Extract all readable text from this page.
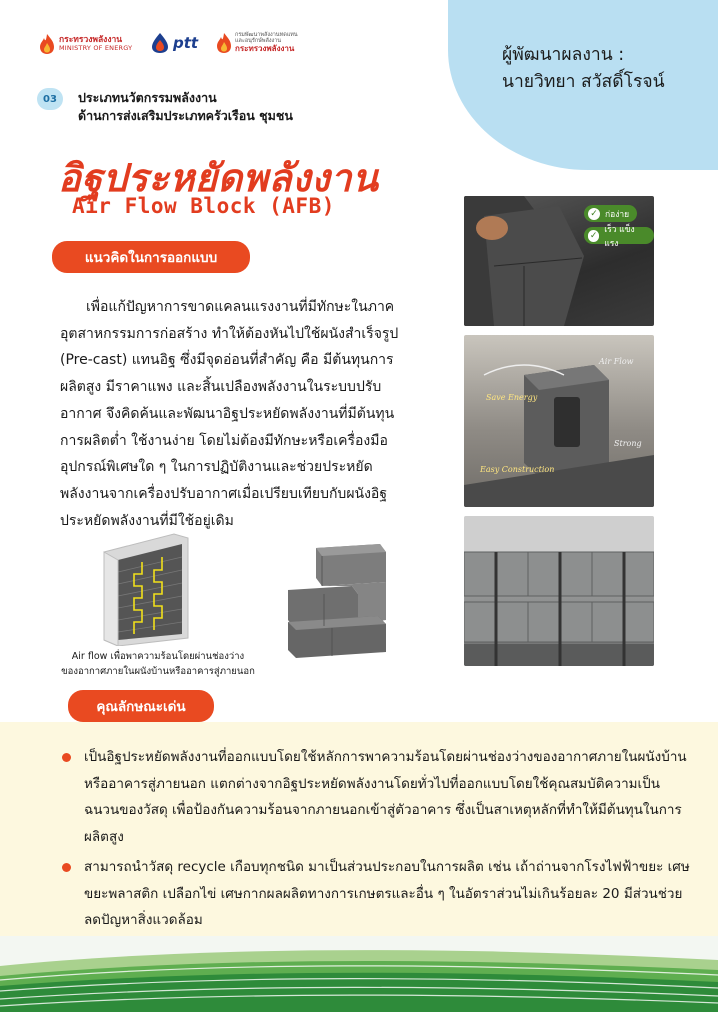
ผู้พัฒนาผลงาน :
นายวิทยา สวัสดิ์โรจน์
กระทรวงพลังงาน
MINISTRY OF ENERGY	ptt	กรมพัฒนาพลังงานทดแทน
และอนุรักษ์พลังงาน
กระทรวงพลังงาน
03	ประเภทนวัตกรรมพลังงาน
ด้านการส่งเสริมประเภทครัวเรือน ชุมชน
อิฐประหยัดพลังงาน
Air Flow Block (AFB)
แนวคิดในการออกแบบ
เพื่อแก้ปัญหาการขาดแคลนแรงงานที่มีทักษะในภาคอุตสาหกรรมการก่อสร้าง ทำให้ต้องหันไปใช้ผนังสำเร็จรูป (Pre-cast) แทนอิฐ ซึ่งมีจุดอ่อนที่สำคัญ คือ มีต้นทุนการผลิตสูง มีราคาแพง และสิ้นเปลืองพลังงานในระบบปรับอากาศ จึงคิดค้นและพัฒนาอิฐประหยัดพลังงานที่มีต้นทุนการผลิตต่ำ ใช้งานง่าย โดยไม่ต้องมีทักษะหรือเครื่องมืออุปกรณ์พิเศษใด ๆ ในการปฏิบัติงานและช่วยประหยัดพลังงานจากเครื่องปรับอากาศเมื่อเปรียบเทียบกับผนังอิฐประหยัดพลังงานที่มีใช้อยู่เดิม
Air flow เพื่อพาความร้อนโดยผ่านช่องว่าง
ของอากาศภายในผนังบ้านหรืออาคารสู่ภายนอก
✓ ก่อง่าย
✓
เร็ว แข็งแรง
Air Flow
Save Energy
Strong
Easy Construction
คุณลักษณะเด่น
เป็นอิฐประหยัดพลังงานที่ออกแบบโดยใช้หลักการพาความร้อนโดยผ่านช่องว่างของอากาศภายในผนังบ้านหรืออาคารสู่ภายนอก แตกต่างจากอิฐประหยัดพลังงานโดยทั่วไปที่ออกแบบโดยใช้คุณสมบัติความเป็นฉนวนของวัสดุ เพื่อป้องกันความร้อนจากภายนอกเข้าสู่ตัวอาคาร ซึ่งเป็นสาเหตุหลักที่ทำให้มีต้นทุนในการผลิตสูง
สามารถนำวัสดุ recycle เกือบทุกชนิด มาเป็นส่วนประกอบในการผลิต เช่น เถ้าถ่านจากโรงไฟฟ้าขยะ เศษขยะพลาสติก เปลือกไข่ เศษกากผลผลิตทางการเกษตรและอื่น ๆ ในอัตราส่วนไม่เกินร้อยละ 20 มีส่วนช่วยลดปัญหาสิ่งแวดล้อม
